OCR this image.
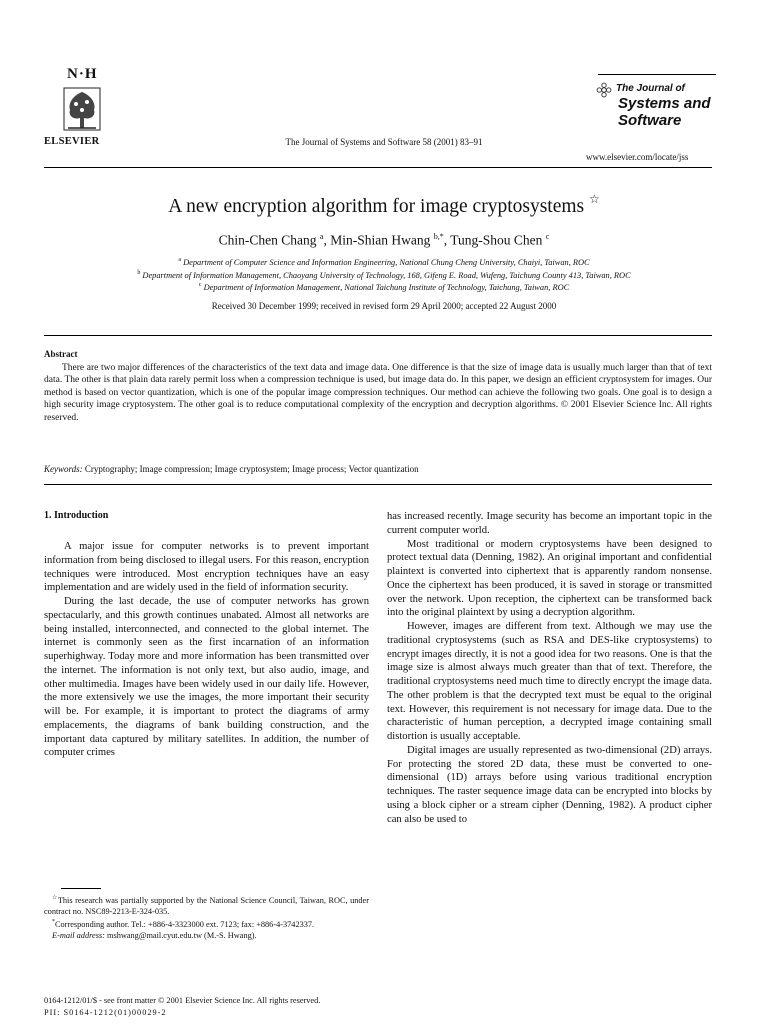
N·H
ELSEVIER	The Journal of Systems and Software 58 (2001) 83–91
The Journal of
Systems and
Software
www.elsevier.com/locate/jss
A new encryption algorithm for image cryptosystems ☆
Chin-Chen Chang $^a$, Min-Shian Hwang $^{b,*}$, Tung-Shou Chen $^c$
$^a$ Department of Computer Science and Information Engineering, National Chung Cheng University, Chaiyi, Taiwan, ROC
$^b$ Department of Information Management, Chaoyang University of Technology, 168, Gifeng E. Road, Wufeng, Taichung County 413, Taiwan, ROC
$^c$ Department of Information Management, National Taichung Institute of Technology, Taichung, Taiwan, ROC
Received 30 December 1999; received in revised form 29 April 2000; accepted 22 August 2000
Abstract
There are two major differences of the characteristics of the text data and image data. One difference is that the size of image data is usually much larger than that of text data. The other is that plain data rarely permit loss when a compression technique is used, but image data do. In this paper, we design an efficient cryptosystem for images. Our method is based on vector quantization, which is one of the popular image compression techniques. Our method can achieve the following two goals. One goal is to design a high security image cryptosystem. The other goal is to reduce computational complexity of the encryption and decryption algorithms. © 2001 Elsevier Science Inc. All rights reserved.
Keywords: Cryptography; Image compression; Image cryptosystem; Image process; Vector quantization
1. Introduction

A major issue for computer networks is to prevent important information from being disclosed to illegal users. For this reason, encryption techniques were introduced. Most encryption techniques have an easy implementation and are widely used in the field of information security.

During the last decade, the use of computer networks has grown spectacularly, and this growth continues unabated. Almost all networks are being installed, interconnected, and connected to the global internet. The internet is commonly seen as the first incarnation of an information superhighway. Today more and more information has been transmitted over the internet. The information is not only text, but also audio, image, and other multimedia. Images have been widely used in our daily life. However, the more extensively we use the images, the more important their security will be. For example, it is important to protect the diagrams of army emplacements, the diagrams of bank building construction, and the important data captured by military satellites. In addition, the number of computer crimes

has increased recently. Image security has become an important topic in the current computer world.

Most traditional or modern cryptosystems have been designed to protect textual data (Denning, 1982). An original important and confidential plaintext is converted into ciphertext that is apparently random nonsense. Once the ciphertext has been produced, it is saved in storage or transmitted over the network. Upon reception, the ciphertext can be transformed back into the original plaintext by using a decryption algorithm.

However, images are different from text. Although we may use the traditional cryptosystems (such as RSA and DES-like cryptosystems) to encrypt images directly, it is not a good idea for two reasons. One is that the image size is almost always much greater than that of text. Therefore, the traditional cryptosystems need much time to directly encrypt the image data. The other problem is that the decrypted text must be equal to the original text. However, this requirement is not necessary for image data. Due to the characteristic of human perception, a decrypted image containing small distortion is usually acceptable.

Digital images are usually represented as two-dimensional (2D) arrays. For protecting the stored 2D data, these must be converted to one-dimensional (1D) arrays before using various traditional encryption techniques. The raster sequence image data can be encrypted into blocks by using a block cipher or a stream cipher (Denning, 1982). A product cipher can also be used to

☆This research was partially supported by the National Science Council, Taiwan, ROC, under contract no. NSC89-2213-E-324-035.

*Corresponding author. Tel.: +886-4-3323000 ext. 7123; fax: +886-4-3742337.

E-mail address: mshwang@mail.cyut.edu.tw (M.-S. Hwang).

0164-1212/01/$ - see front matter © 2001 Elsevier Science Inc. All rights reserved.
PII: S0164-1212(01)00029-2
